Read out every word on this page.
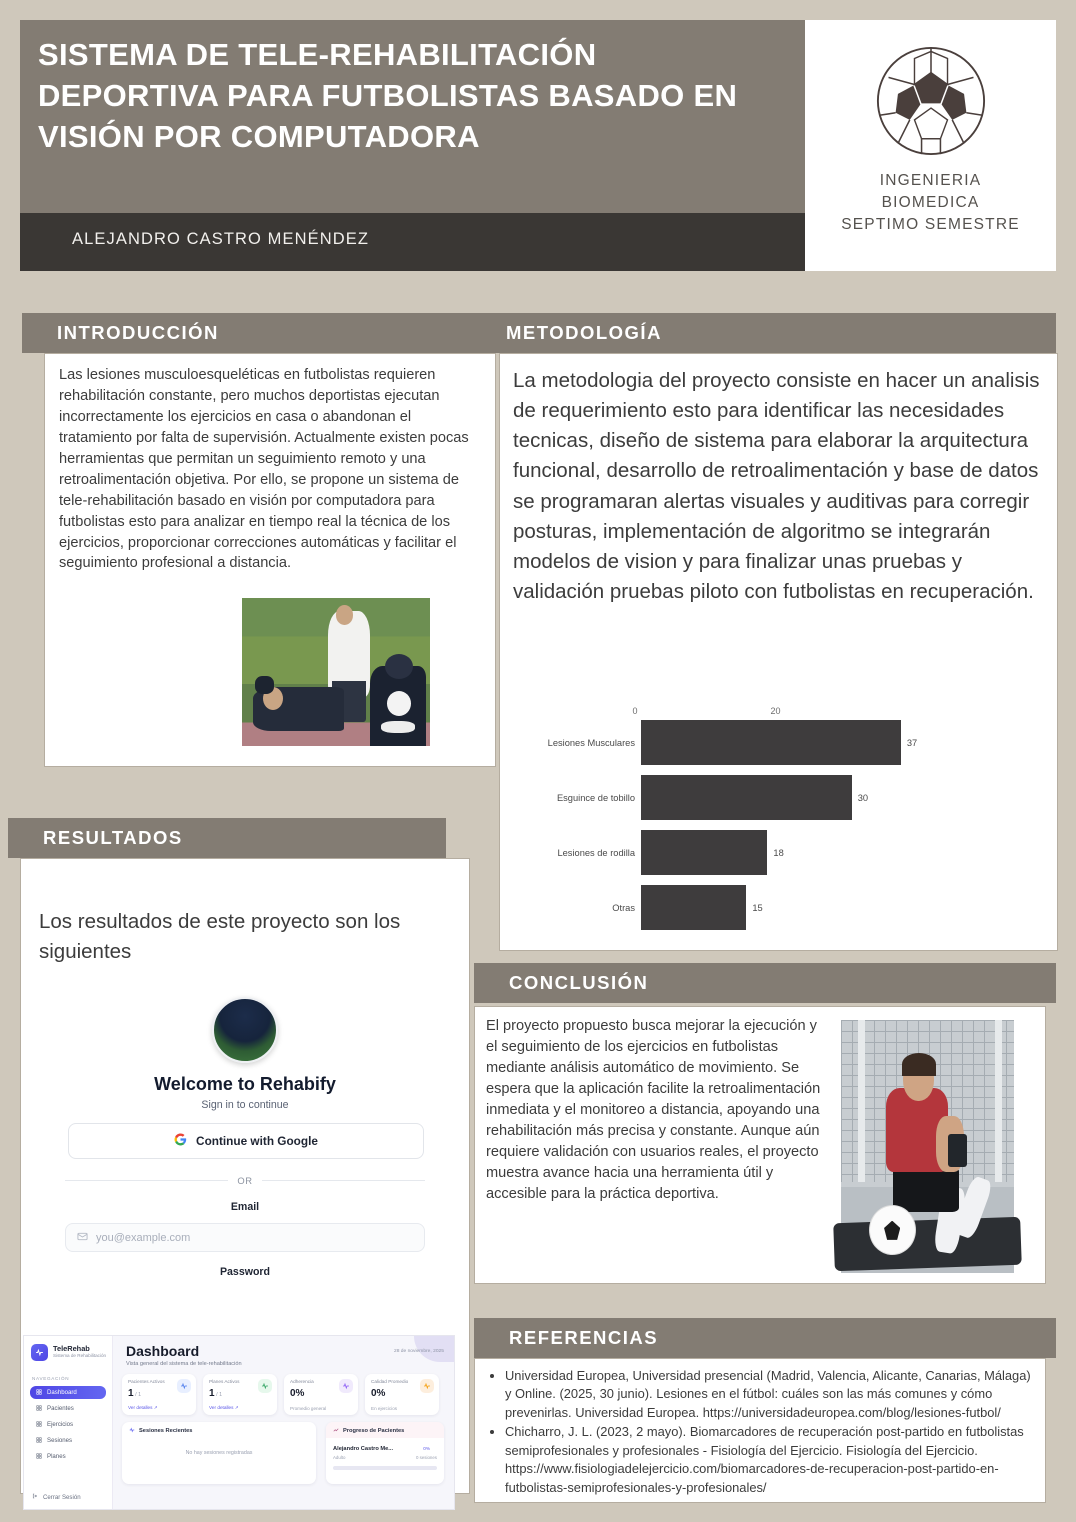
SISTEMA DE TELE-REHABILITACIÓN DEPORTIVA PARA FUTBOLISTAS BASADO EN VISIÓN POR COMPUTADORA
ALEJANDRO CASTRO MENÉNDEZ
INGENIERIA
BIOMEDICA
SEPTIMO SEMESTRE
INTRODUCCIÓN
Las lesiones musculoesqueléticas en futbolistas requieren rehabilitación constante, pero muchos deportistas ejecutan incorrectamente los ejercicios en casa o abandonan el tratamiento por falta de supervisión. Actualmente existen pocas herramientas que permitan un seguimiento remoto y una retroalimentación objetiva. Por ello, se propone un sistema de tele-rehabilitación basado en visión por computadora para futbolistas esto para analizar en tiempo real la técnica de los ejercicios, proporcionar correcciones automáticas y facilitar el seguimiento profesional a distancia.
METODOLOGÍA
La metodologia del proyecto consiste en hacer un analisis de requerimiento esto para identificar las necesidades tecnicas, diseño de sistema para elaborar la arquitectura funcional, desarrollo de retroalimentación y base de datos se programaran alertas visuales y auditivas para corregir posturas, implementación de algoritmo se integrarán modelos de vision y para finalizar unas pruebas y validación pruebas piloto con futbolistas en recuperación.
0	20
Lesiones Musculares	37
Esguince de tobillo	30
Lesiones de rodilla	18
Otras	15
RESULTADOS
Los resultados de este proyecto son los siguientes
Welcome to Rehabify
Sign in to continue
Continue with Google
OR
Email
you@example.com
Password
TeleRehab
Sistema de Rehabilitación
NAVEGACIÓN
Dashboard
Pacientes
Ejercicios
Sesiones
Planes
Cerrar Sesión
Dashboard
Vista general del sistema de tele-rehabilitación
28 de noviembre, 2025
Pacientes Activos
1 / 1
Ver detalles ↗
Planes Activos
1 / 1
Ver detalles ↗
Adherencia
0%
Promedio general
Calidad Promedio
0%
En ejercicios
Sesiones Recientes
No hay sesiones registradas
Progreso de Pacientes
Alejandro Castro Me...
Adulto
0%
0 sesiones
CONCLUSIÓN
El proyecto propuesto busca mejorar la ejecución y el seguimiento de los ejercicios en futbolistas mediante análisis automático de movimiento. Se espera que la aplicación facilite la retroalimentación inmediata y el monitoreo a distancia, apoyando una rehabilitación más precisa y constante. Aunque aún requiere validación con usuarios reales, el proyecto muestra avance hacia una herramienta útil y accesible para la práctica deportiva.
REFERENCIAS
• Universidad Europea, Universidad presencial (Madrid, Valencia, Alicante, Canarias, Málaga) y Online. (2025, 30 junio). Lesiones en el fútbol: cuáles son las más comunes y cómo prevenirlas. Universidad Europea. https://universidadeuropea.com/blog/lesiones-futbol/
• Chicharro, J. L. (2023, 2 mayo). Biomarcadores de recuperación post-partido en futbolistas semiprofesionales y profesionales - Fisiología del Ejercicio. Fisiología del Ejercicio. https://www.fisiologiadelejercicio.com/biomarcadores-de-recuperacion-post-partido-en-futbolistas-semiprofesionales-y-profesionales/
